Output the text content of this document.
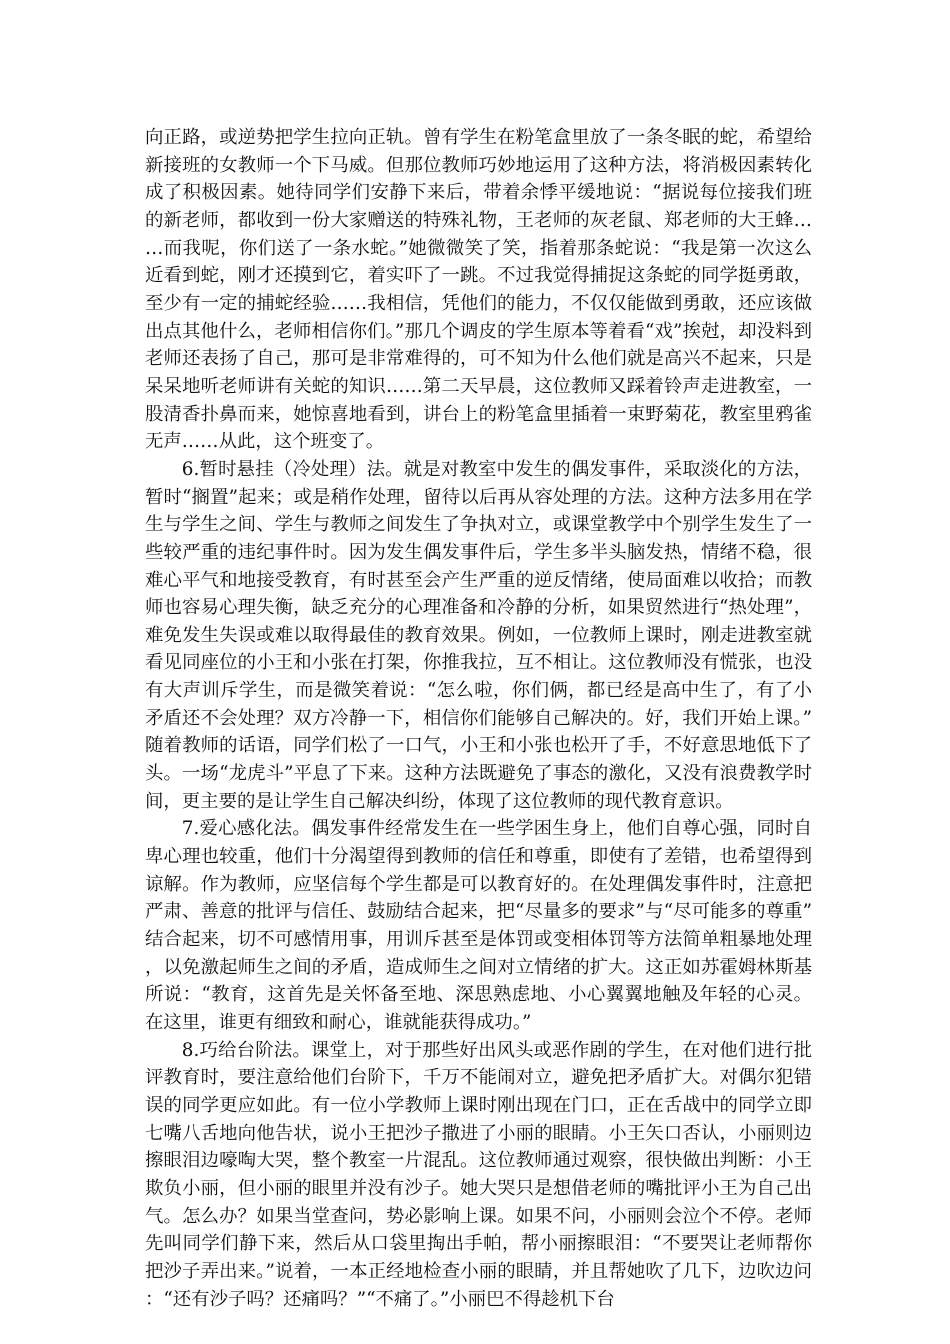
向正路，或逆势把学生拉向正轨。曾有学生在粉笔盒里放了一条冬眠的蛇，希望给新接班的女教师一个下马威。但那位教师巧妙地运用了这种方法，将消极因素转化成了积极因素。她待同学们安静下来后，带着余悸平缓地说：“据说每位接我们班的新老师，都收到一份大家赠送的特殊礼物，王老师的灰老鼠、郑老师的大王蜂……而我呢，你们送了一条水蛇。”她微微笑了笑，指着那条蛇说：“我是第一次这么近看到蛇，刚才还摸到它，着实吓了一跳。不过我觉得捕捉这条蛇的同学挺勇敢，至少有一定的捕蛇经验……我相信，凭他们的能力，不仅仅能做到勇敢，还应该做出点其他什么，老师相信你们。”那几个调皮的学生原本等着看“戏”挨尅，却没料到老师还表扬了自己，那可是非常难得的，可不知为什么他们就是高兴不起来，只是呆呆地听老师讲有关蛇的知识……第二天早晨，这位教师又踩着铃声走进教室，一股清香扑鼻而来，她惊喜地看到，讲台上的粉笔盒里插着一束野菊花，教室里鸦雀无声……从此，这个班变了。

6.暂时悬挂（冷处理）法。就是对教室中发生的偶发事件，采取淡化的方法，暂时“搁置”起来；或是稍作处理，留待以后再从容处理的方法。这种方法多用在学生与学生之间、学生与教师之间发生了争执对立，或课堂教学中个别学生发生了一些较严重的违纪事件时。因为发生偶发事件后，学生多半头脑发热，情绪不稳，很难心平气和地接受教育，有时甚至会产生严重的逆反情绪，使局面难以收拾；而教师也容易心理失衡，缺乏充分的心理准备和冷静的分析，如果贸然进行“热处理”，难免发生失误或难以取得最佳的教育效果。例如，一位教师上课时，刚走进教室就看见同座位的小王和小张在打架，你推我拉，互不相让。这位教师没有慌张，也没有大声训斥学生，而是微笑着说：“怎么啦，你们俩，都已经是高中生了，有了小矛盾还不会处理？双方冷静一下，相信你们能够自己解决的。好，我们开始上课。”随着教师的话语，同学们松了一口气，小王和小张也松开了手，不好意思地低下了头。一场“龙虎斗”平息了下来。这种方法既避免了事态的激化，又没有浪费教学时间，更主要的是让学生自己解决纠纷，体现了这位教师的现代教育意识。

7.爱心感化法。偶发事件经常发生在一些学困生身上，他们自尊心强，同时自卑心理也较重，他们十分渴望得到教师的信任和尊重，即使有了差错，也希望得到谅解。作为教师，应坚信每个学生都是可以教育好的。在处理偶发事件时，注意把严肃、善意的批评与信任、鼓励结合起来，把“尽量多的要求”与“尽可能多的尊重”结合起来，切不可感情用事，用训斥甚至是体罚或变相体罚等方法简单粗暴地处理，以免激起师生之间的矛盾，造成师生之间对立情绪的扩大。这正如苏霍姆林斯基所说：“教育，这首先是关怀备至地、深思熟虑地、小心翼翼地触及年轻的心灵。在这里，谁更有细致和耐心，谁就能获得成功。”

8.巧给台阶法。课堂上，对于那些好出风头或恶作剧的学生，在对他们进行批评教育时，要注意给他们台阶下，千万不能闹对立，避免把矛盾扩大。对偶尔犯错误的同学更应如此。有一位小学教师上课时刚出现在门口，正在舌战中的同学立即七嘴八舌地向他告状，说小王把沙子撒进了小丽的眼睛。小王矢口否认，小丽则边擦眼泪边嚎啕大哭，整个教室一片混乱。这位教师通过观察，很快做出判断：小王欺负小丽，但小丽的眼里并没有沙子。她大哭只是想借老师的嘴批评小王为自己出气。怎么办？如果当堂查问，势必影响上课。如果不问，小丽则会泣个不停。老师先叫同学们静下来，然后从口袋里掏出手帕，帮小丽擦眼泪：“不要哭让老师帮你把沙子弄出来。”说着，一本正经地检查小丽的眼睛，并且帮她吹了几下，边吹边问：“还有沙子吗？还痛吗？”“不痛了。”小丽巴不得趁机下台
